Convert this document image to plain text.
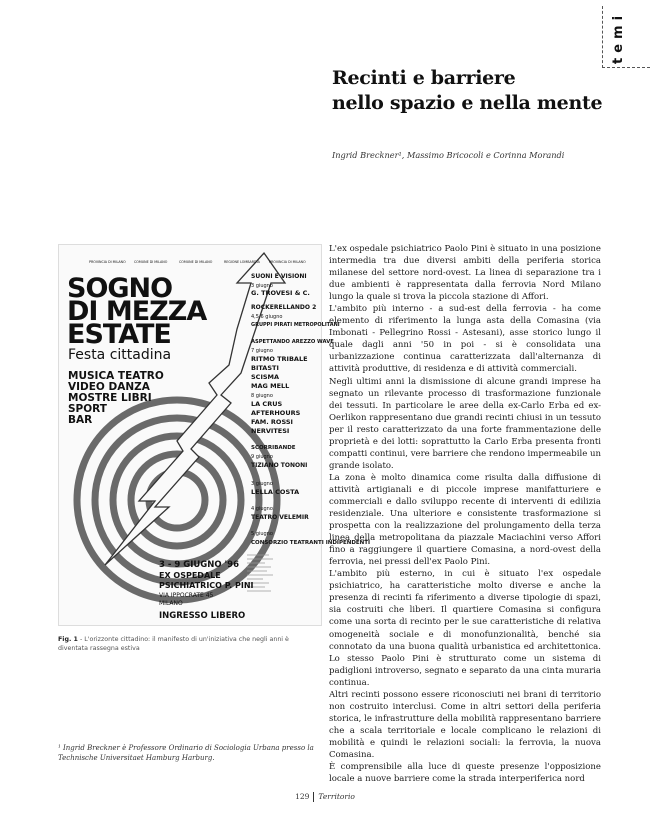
temi
Recinti e barriere
nello spazio e nella mente
Ingrid Breckner¹, Massimo Bricocoli e Corinna Morandi
PROVINCIA DI MILANO	COMUNE DI MILANO	COMUNE DI MILANO	REGIONE LOMBARDIA	PROVINCIA DI MILANO
SOGNO
DI MEZZA
ESTATE
Festa cittadina
MUSICA TEATRO
VIDEO DANZA
MOSTRE LIBRI
SPORT
BAR
SUONI E VISIONI
3 giugno
G. TROVESI & C.
ROCKERELLANDO 2
4,5,6 giugno
GRUPPI PIRATI METROPOLITANI
ASPETTANDO AREZZO WAVE
7 giugno
RITMO TRIBALE
BITASTI
SCISMA
MAG MELL
8 giugno
LA CRUS
AFTERHOURS
FAM. ROSSI
NERVITESI
SCORRIBANDE
9 giugno
TIZIANO TONONI
3 giugno
LELLA COSTA
4 giugno
TEATRO VELEMIR
5 giugno
CONSORZIO TEATRANTI INDIPENDENTI
3 - 9 GIUGNO '96
EX OSPEDALE
PSICHIATRICO P. PINI
VIA IPPOCRATE 45
MILANO
INGRESSO LIBERO
Fig. 1 - L'orizzonte cittadino: il manifesto di un'iniziativa che negli anni è diventata rassegna estiva

L'ex ospedale psichiatrico Paolo Pini è situato in una posizione intermedia tra due diversi ambiti della periferia storica milanese del settore nord-ovest. La linea di separazione tra i due ambienti è rappresentata dalla ferrovia Nord Milano lungo la quale si trova la piccola stazione di Affori.

L'ambito più interno - a sud-est della ferrovia - ha come elemento di riferimento la lunga asta della Comasina (via Imbonati - Pellegrino Rossi - Astesani), asse storico lungo il quale dagli anni '50 in poi - si è consolidata una urbanizzazione continua caratterizzata dall'alternanza di attività produttive, di residenza e di attività commerciali.

Negli ultimi anni la dismissione di alcune grandi imprese ha segnato un rilevante processo di trasformazione funzionale dei tessuti. In particolare le aree della ex-Carlo Erba ed ex-Oerlikon rappresentano due grandi recinti chiusi in un tessuto per il resto caratterizzato da una forte frammentazione delle proprietà e dei lotti: soprattutto la Carlo Erba presenta fronti compatti continui, vere barriere che rendono impermeabile un grande isolato.

La zona è molto dinamica come risulta dalla diffusione di attività artigianali e di piccole imprese manifatturiere e commerciali e dallo sviluppo recente di interventi di edilizia residenziale. Una ulteriore e consistente trasformazione si prospetta con la realizzazione del prolungamento della terza linea della metropolitana da piazzale Maciachini verso Affori fino a raggiungere il quartiere Comasina, a nord-ovest della ferrovia, nei pressi dell'ex Paolo Pini.

L'ambito più esterno, in cui è situato l'ex ospedale psichiatrico, ha caratteristiche molto diverse e anche la presenza di recinti fa riferimento a diverse tipologie di spazi, sia costruiti che liberi. Il quartiere Comasina si configura come una sorta di recinto per le sue caratteristiche di relativa omogeneità sociale e di monofunzionalità, benché sia connotato da una buona qualità urbanistica ed architettonica. Lo stesso Paolo Pini è strutturato come un sistema di padiglioni introverso, segnato e separato da una cinta muraria continua.

Altri recinti possono essere riconosciuti nei brani di territorio non costruito interclusi. Come in altri settori della periferia storica, le infrastrutture della mobilità rappresentano barriere che a scala territoriale e locale complicano le relazioni di mobilità e quindi le relazioni sociali: la ferrovia, la nuova Comasina.

È comprensibile alla luce di queste presenze l'opposizione locale a nuove barriere come la strada interperiferica nord

¹ Ingrid Breckner è Professore Ordinario di Sociologia Urbana presso la Technische Universitaet Hamburg Harburg.
129 Territorio
